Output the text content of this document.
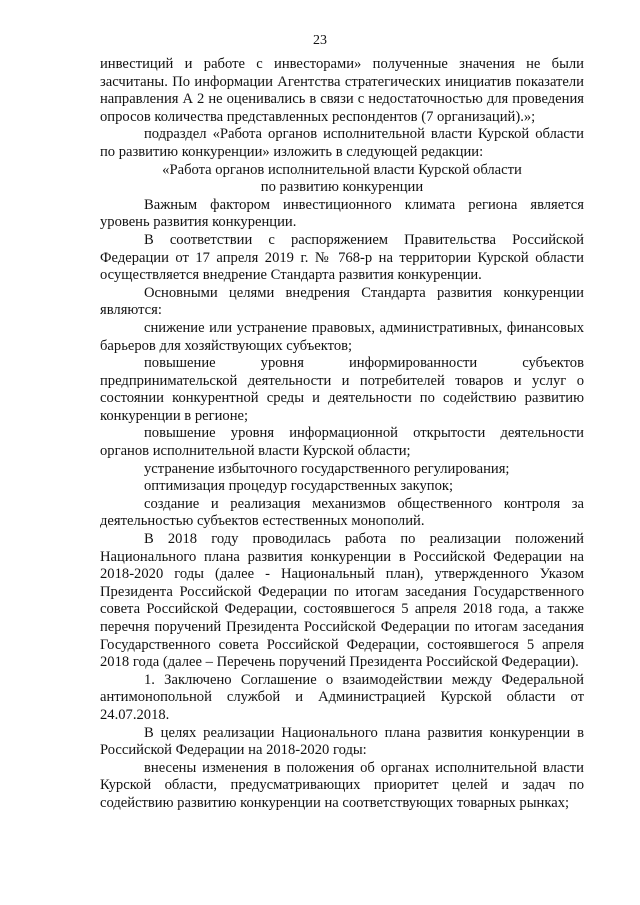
23

инвестиций и работе с инвесторами» полученные значения не были засчитаны. По информации Агентства стратегических инициатив показатели направления А 2 не оценивались в связи с недостаточностью для проведения опросов количества представленных респондентов (7 организаций).»;

подраздел «Работа органов исполнительной власти Курской области по развитию конкуренции» изложить в следующей редакции:

«Работа органов исполнительной власти Курской области

по развитию конкуренции

Важным фактором инвестиционного климата региона является уровень развития конкуренции.

В соответствии с распоряжением Правительства Российской Федерации от 17 апреля 2019 г. № 768-р на территории Курской области осуществляется внедрение Стандарта развития конкуренции.

Основными целями внедрения Стандарта развития конкуренции являются:

снижение или устранение правовых, административных, финансовых барьеров для хозяйствующих субъектов;

повышение уровня информированности субъектов предпринимательской деятельности и потребителей товаров и услуг о состоянии конкурентной среды и деятельности по содействию развитию конкуренции в регионе;

повышение уровня информационной открытости деятельности органов исполнительной власти Курской области;

устранение избыточного государственного регулирования;

оптимизация процедур государственных закупок;

создание и реализация механизмов общественного контроля за деятельностью субъектов естественных монополий.

В 2018 году проводилась работа по реализации положений Национального плана развития конкуренции в Российской Федерации на 2018-2020 годы (далее - Национальный план), утвержденного Указом Президента Российской Федерации по итогам заседания Государственного совета Российской Федерации, состоявшегося 5 апреля 2018 года, а также перечня поручений Президента Российской Федерации по итогам заседания Государственного совета Российской Федерации, состоявшегося 5 апреля 2018 года (далее – Перечень поручений Президента Российской Федерации).

1. Заключено Соглашение о взаимодействии между Федеральной антимонопольной службой и Администрацией Курской области от 24.07.2018.

В целях реализации Национального плана развития конкуренции в Российской Федерации на 2018-2020 годы:

внесены изменения в положения об органах исполнительной власти Курской области, предусматривающих приоритет целей и задач по содействию развитию конкуренции на соответствующих товарных рынках;
